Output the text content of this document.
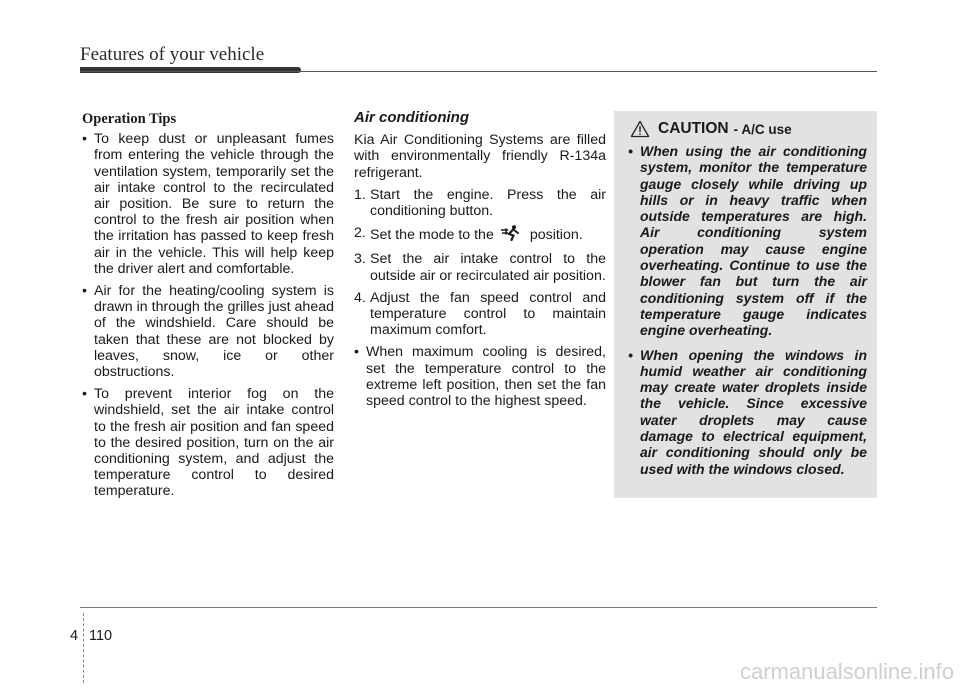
Features of your vehicle
Operation Tips
• To keep dust or unpleasant fumes from entering the vehicle through the ventilation system, temporarily set the air intake control to the recirculated air position. Be sure to return the control to the fresh air position when the irritation has passed to keep fresh air in the vehicle. This will help keep the driver alert and comfortable.
• Air for the heating/cooling system is drawn in through the grilles just ahead of the windshield. Care should be taken that these are not blocked by leaves, snow, ice or other obstructions.
• To prevent interior fog on the windshield, set the air intake control to the fresh air position and fan speed to the desired position, turn on the air conditioning system, and adjust the temperature control to desired temperature.
Air conditioning

Kia Air Conditioning Systems are filled with environmentally friendly R-134a refrigerant.

1. Start the engine. Press the air conditioning button.
2. Set the mode to the	position.
3. Set the air intake control to the outside air or recirculated air position.
4. Adjust the fan speed control and temperature control to maintain maximum comfort.
• When maximum cooling is desired, set the temperature control to the extreme left position, then set the fan speed control to the highest speed.
CAUTION - A/C use
• When using the air conditioning system, monitor the temperature gauge closely while driving up hills or in heavy traffic when outside temperatures are high. Air conditioning system operation may cause engine overheating. Continue to use the blower fan but turn the air conditioning system off if the temperature gauge indicates engine overheating.
• When opening the windows in humid weather air conditioning may create water droplets inside the vehicle. Since excessive water droplets may cause damage to electrical equipment, air conditioning should only be used with the windows closed.
4 110
carmanualsonline.info
